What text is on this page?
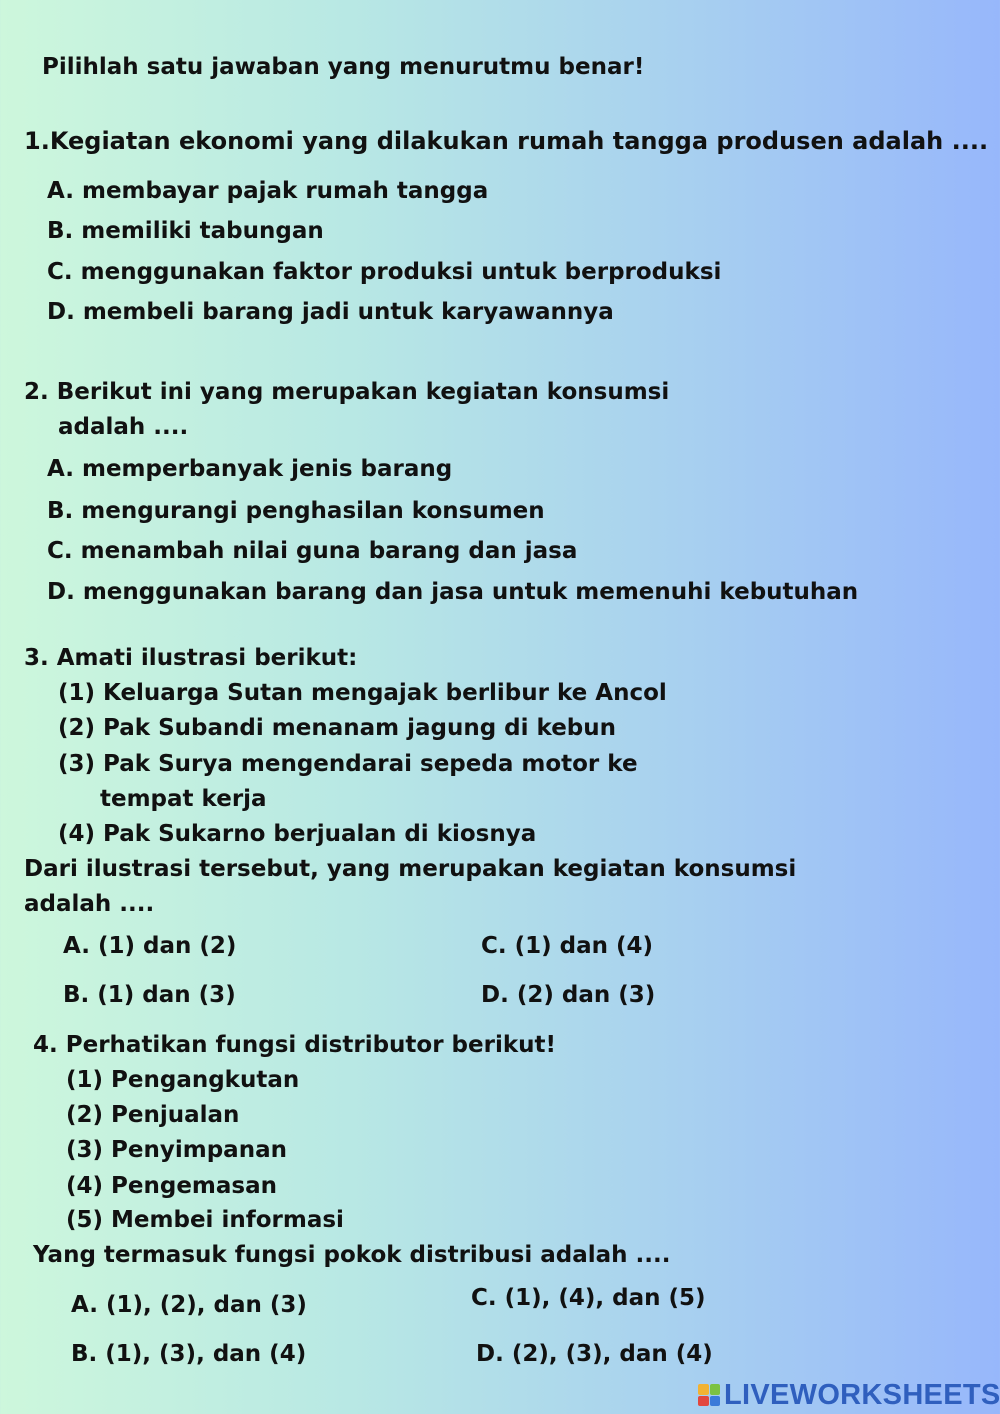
Pilihlah satu jawaban yang menurutmu benar!
1.Kegiatan ekonomi yang dilakukan rumah tangga produsen adalah ....
A. membayar pajak rumah tangga
B. memiliki tabungan
C. menggunakan faktor produksi untuk berproduksi
D. membeli barang jadi untuk karyawannya
2. Berikut ini yang merupakan kegiatan konsumsi
adalah ....
A. memperbanyak jenis barang
B. mengurangi penghasilan konsumen
C. menambah nilai guna barang dan jasa
D. menggunakan barang dan jasa untuk memenuhi kebutuhan
3. Amati ilustrasi berikut:
(1) Keluarga Sutan mengajak berlibur ke Ancol
(2) Pak Subandi menanam jagung di kebun
(3) Pak Surya mengendarai sepeda motor ke
tempat kerja
(4) Pak Sukarno berjualan di kiosnya
Dari ilustrasi tersebut, yang merupakan kegiatan konsumsi
adalah ....
A. (1) dan (2)
B. (1) dan (3)
C. (1) dan (4)
D. (2) dan (3)
4. Perhatikan fungsi distributor berikut!
(1) Pengangkutan
(2) Penjualan
(3) Penyimpanan
(4) Pengemasan
(5) Membei informasi
Yang termasuk fungsi pokok distribusi adalah ....
A. (1), (2), dan (3)
B. (1), (3), dan (4)
C. (1), (4), dan (5)
D. (2), (3), dan (4)
LIVEWORKSHEETS
